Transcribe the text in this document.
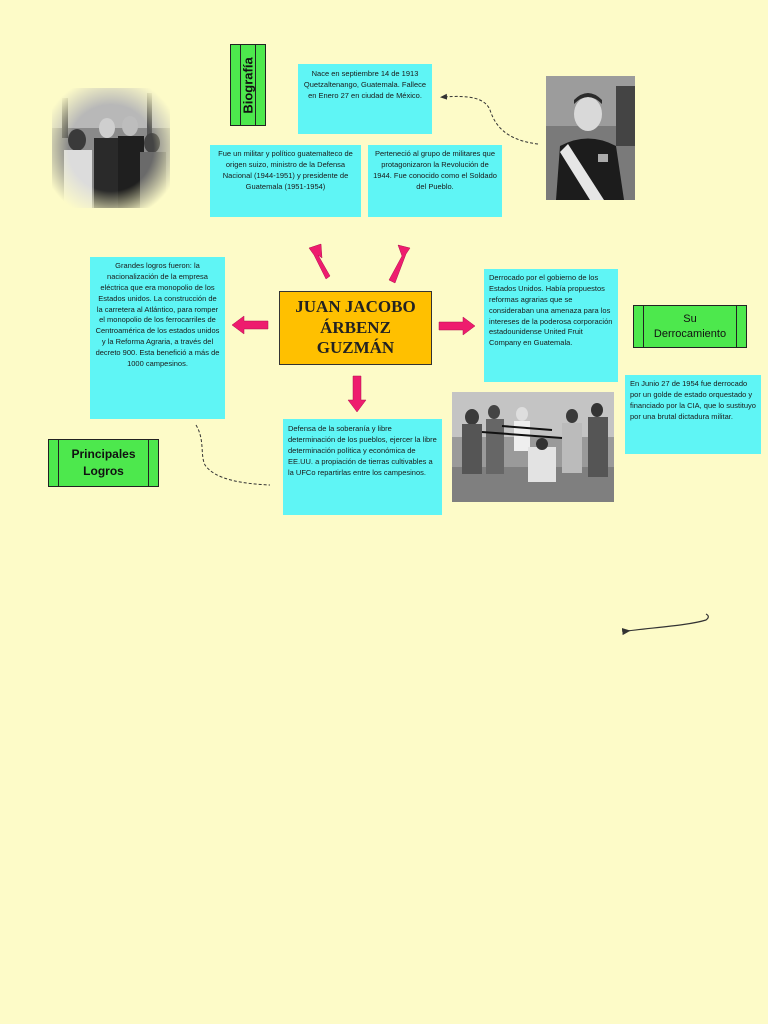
Biografía
Su Derrocamiento
Principales Logros
JUAN JACOBO ÁRBENZ GUZMÁN
Nace en septiembre 14 de 1913 Quetzaltenango, Guatemala. Fallece en Enero 27 en ciudad de México.
Fue un militar y político guatemalteco de origen suizo, ministro de la Defensa Nacional (1944-1951) y presidente de Guatemala (1951-1954)
Perteneció al grupo de militares que protagonizaron la Revolución de 1944. Fue conocido como el Soldado del Pueblo.
Grandes logros fueron: la nacionalización de la empresa eléctrica que era monopolio de los Estados unidos. La construcción de la carretera al Atlántico, para romper el monopolio de los ferrocarriles de Centroamérica de los estados unidos y la Reforma Agraria, a través del decreto 900. Esta benefició a más de 1000 campesinos.
Derrocado por el gobierno de los Estados Unidos. Había propuestos reformas agrarias que se consideraban una amenaza para los intereses de la poderosa corporación estadounidense United Fruit Company en Guatemala.
Defensa de la soberanía y libre determinación de los pueblos, ejercer la libre determinación política y económica de EE.UU. a propiación de tierras cultivables a la UFCo repartirlas entre los campesinos.
En Junio 27 de 1954 fue derrocado por un golde de estado orquestado y financiado por la CIA, que lo sustituyo por una brutal dictadura militar.
